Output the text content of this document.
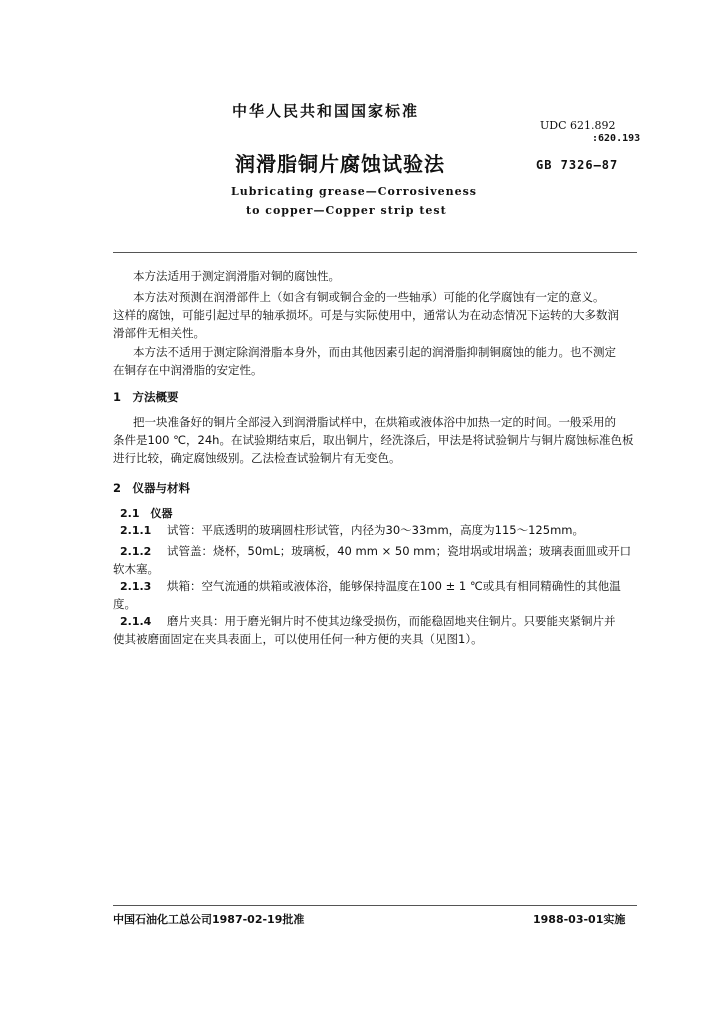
中华人民共和国国家标准
UDC 621.892
:620.193
润滑脂铜片腐蚀试验法	GB 7326—87
Lubricating grease—Corrosiveness
to copper—Copper strip test
本方法适用于测定润滑脂对铜的腐蚀性。
本方法对预测在润滑部件上（如含有铜或铜合金的一些轴承）可能的化学腐蚀有一定的意义。
这样的腐蚀，可能引起过早的轴承损坏。可是与实际使用中，通常认为在动态情况下运转的大多数润
滑部件无相关性。
本方法不适用于测定除润滑脂本身外，而由其他因素引起的润滑脂抑制铜腐蚀的能力。也不测定
在铜存在中润滑脂的安定性。
1　方法概要
把一块准备好的铜片全部浸入到润滑脂试样中，在烘箱或液体浴中加热一定的时间。一般采用的
条件是100 ℃，24h。在试验期结束后，取出铜片，经洗涤后，甲法是将试验铜片与铜片腐蚀标准色板
进行比较，确定腐蚀级别。乙法检查试验铜片有无变色。
2　仪器与材料
2.1　仪器
2.1.1 试管：平底透明的玻璃圆柱形试管，内径为30～33mm，高度为115～125mm。
2.1.2 试管盖：烧杯，50mL；玻璃板，40 mm × 50 mm；瓷坩埚或坩埚盖；玻璃表面皿或开口
软木塞。
2.1.3 烘箱：空气流通的烘箱或液体浴，能够保持温度在100 ± 1 ℃或具有相同精确性的其他温
度。
2.1.4 磨片夹具：用于磨光铜片时不使其边缘受损伤，而能稳固地夹住铜片。只要能夹紧铜片并
使其被磨面固定在夹具表面上，可以使用任何一种方便的夹具（见图1）。
中国石油化工总公司1987-02-19批准	1988-03-01实施
